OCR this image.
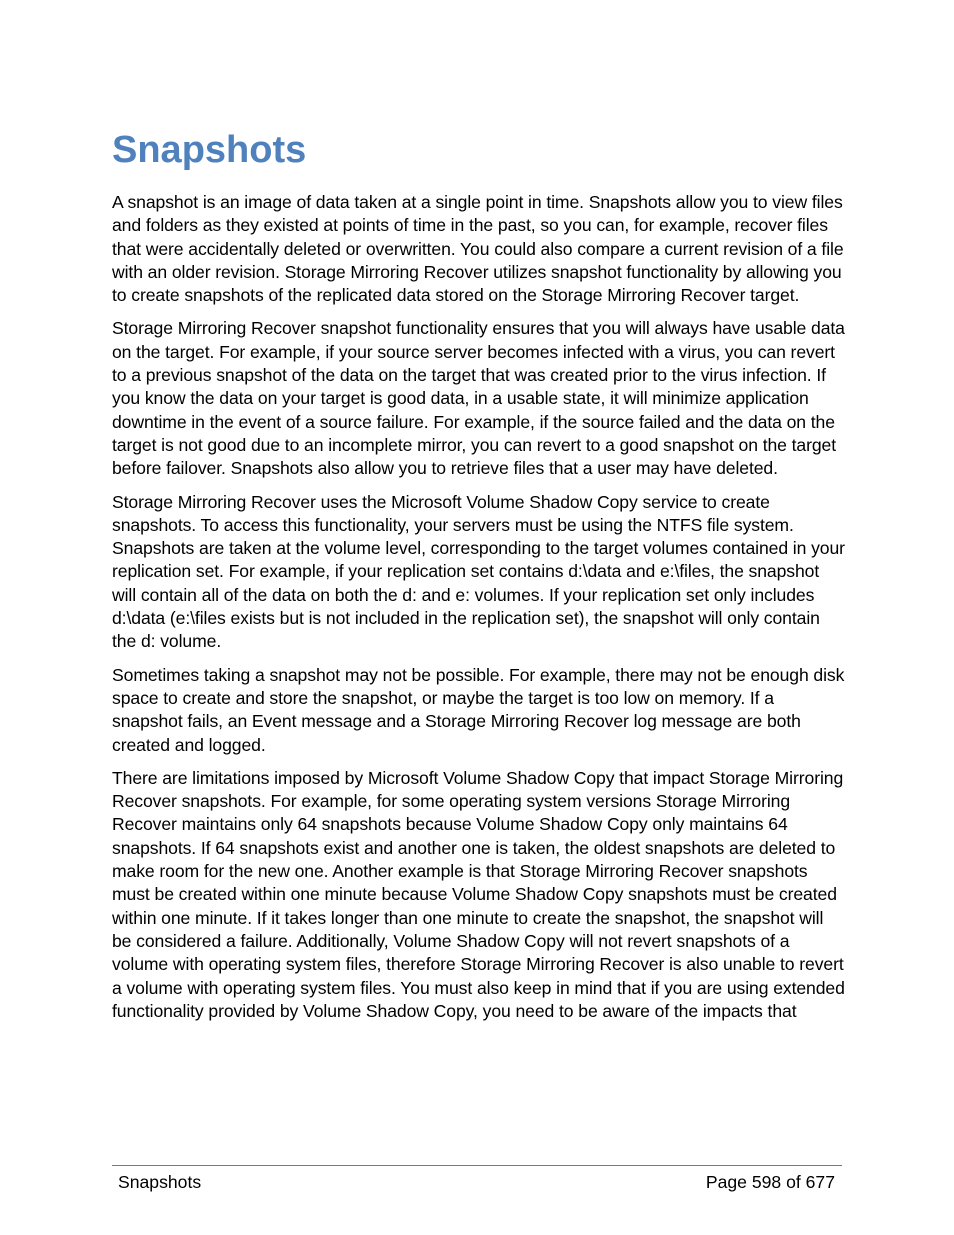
Snapshots

A snapshot is an image of data taken at a single point in time. Snapshots allow you to view files and folders as they existed at points of time in the past, so you can, for example, recover files that were accidentally deleted or overwritten. You could also compare a current revision of a file with an older revision. Storage Mirroring Recover utilizes snapshot functionality by allowing you to create snapshots of the replicated data stored on the Storage Mirroring Recover target.

Storage Mirroring Recover snapshot functionality ensures that you will always have usable data on the target. For example, if your source server becomes infected with a virus, you can revert to a previous snapshot of the data on the target that was created prior to the virus infection. If you know the data on your target is good data, in a usable state, it will minimize application downtime in the event of a source failure. For example, if the source failed and the data on the target is not good due to an incomplete mirror, you can revert to a good snapshot on the target before failover. Snapshots also allow you to retrieve files that a user may have deleted.

Storage Mirroring Recover uses the Microsoft Volume Shadow Copy service to create snapshots. To access this functionality, your servers must be using the NTFS file system. Snapshots are taken at the volume level, corresponding to the target volumes contained in your replication set. For example, if your replication set contains d:\data and e:\files, the snapshot will contain all of the data on both the d: and e: volumes. If your replication set only includes d:\data (e:\files exists but is not included in the replication set), the snapshot will only contain the d: volume.

Sometimes taking a snapshot may not be possible. For example, there may not be enough disk space to create and store the snapshot, or maybe the target is too low on memory. If a snapshot fails, an Event message and a Storage Mirroring Recover log message are both created and logged.

There are limitations imposed by Microsoft Volume Shadow Copy that impact Storage Mirroring Recover snapshots. For example, for some operating system versions Storage Mirroring Recover maintains only 64 snapshots because Volume Shadow Copy only maintains 64 snapshots. If 64 snapshots exist and another one is taken, the oldest snapshots are deleted to make room for the new one. Another example is that Storage Mirroring Recover snapshots must be created within one minute because Volume Shadow Copy snapshots must be created within one minute. If it takes longer than one minute to create the snapshot, the snapshot will be considered a failure. Additionally, Volume Shadow Copy will not revert snapshots of a volume with operating system files, therefore Storage Mirroring Recover is also unable to revert a volume with operating system files. You must also keep in mind that if you are using extended functionality provided by Volume Shadow Copy, you need to be aware of the impacts that

Snapshots	Page 598 of 677
